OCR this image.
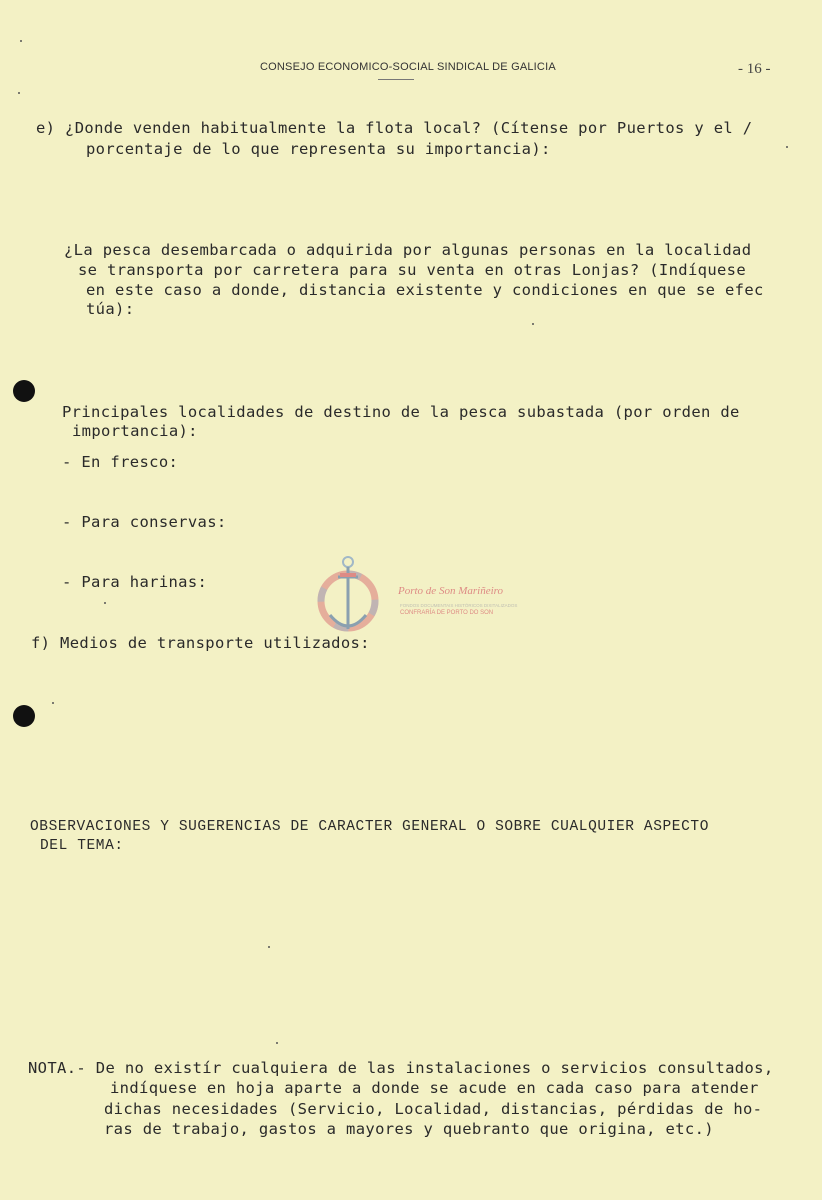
CONSEJO ECONOMICO-SOCIAL SINDICAL DE GALICIA	- 16 -
e) ¿Donde venden habitualmente la flota local? (Cítense por Puertos y el /
porcentaje de lo que representa su importancia):
¿La pesca desembarcada o adquirida por algunas personas en la localidad
se transporta por carretera para su venta en otras Lonjas? (Indíquese
en este caso a donde, distancia existente y condiciones en que se efec
túa):
Principales localidades de destino de la pesca subastada (por orden de
importancia):
- En fresco:
- Para conservas:
- Para harinas:
f) Medios de transporte utilizados:
OBSERVACIONES Y SUGERENCIAS DE CARACTER GENERAL O SOBRE CUALQUIER ASPECTO
DEL TEMA:
NOTA.- De no existír cualquiera de las instalaciones o servicios consultados,
indíquese en hoja aparte a donde se acude en cada caso para atender
dichas necesidades (Servicio, Localidad, distancias, pérdidas de ho-
ras de trabajo, gastos a mayores y quebranto que origina, etc.)
Porto de Son Mariñeiro
FONDOS DOCUMENTAIS HISTÓRICOS DIXITALIZADOS
CONFRARÍA DE PORTO DO SON
